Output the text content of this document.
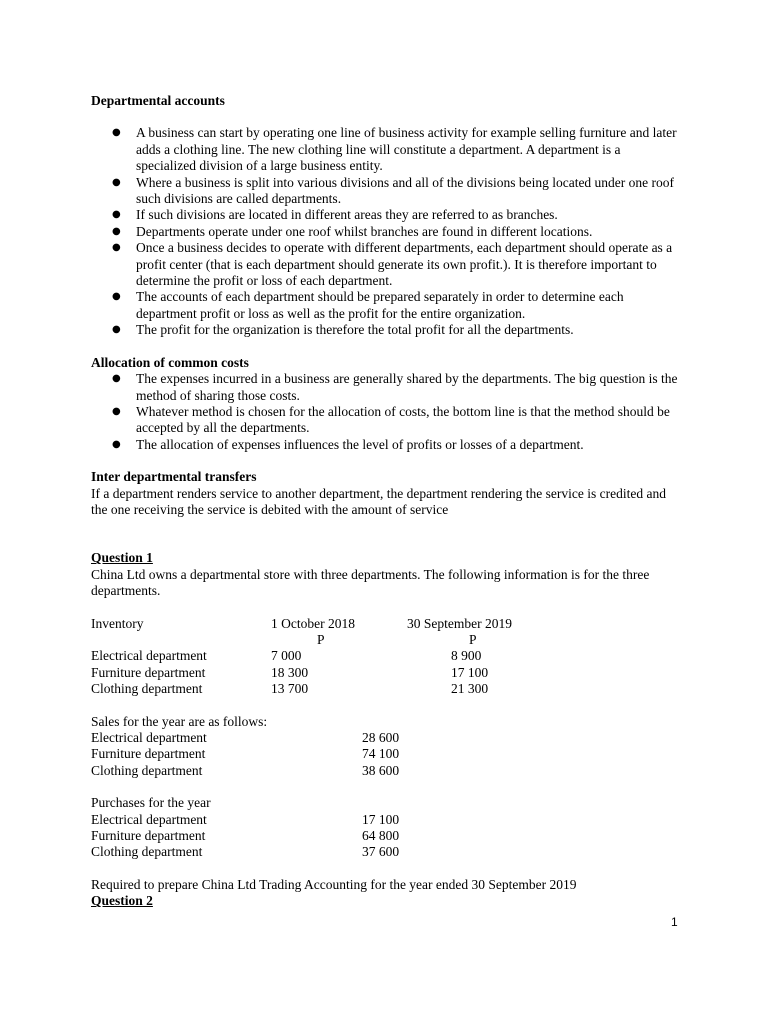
Departmental accounts
● A business can start by operating one line of business activity for example selling furniture and later adds a clothing line. The new clothing line will constitute a department. A department is a specialized division of a large business entity.
● Where a business is split into various divisions and all of the divisions being located under one roof such divisions are called departments.
● If such divisions are located in different areas they are referred to as branches.
● Departments operate under one roof whilst branches are found in different locations.
● Once a business decides to operate with different departments, each department should operate as a profit center (that is each department should generate its own profit.). It is therefore important to determine the profit or loss of each department.
● The accounts of each department should be prepared separately in order to determine each department profit or loss as well as the profit for the entire organization.
● The profit for the organization is therefore the total profit for all the departments.
Allocation of common costs
● The expenses incurred in a business are generally shared by the departments. The big question is the method of sharing those costs.
● Whatever method is chosen for the allocation of costs, the bottom line is that the method should be accepted by all the departments.
● The allocation of expenses influences the level of profits or losses of a department.
Inter departmental transfers

If a department renders service to another department, the department rendering the service is credited and the one receiving the service is debited with the amount of service

Question 1

China Ltd owns a departmental store with three departments. The following information is for the three departments.

Inventory	1 October 2018	30 September 2019
	P	P
Electrical department	7 000	8 900
Furniture department	18 300	17 100
Clothing department	13 700	21 300

Sales for the year are as follows:

Electrical department	28 600
Furniture department	74 100
Clothing department	38 600

Purchases for the year

Electrical department	17 100
Furniture department	64 800
Clothing department	37 600

Required to prepare China Ltd Trading Accounting for the year ended 30 September 2019

Question 2

1
